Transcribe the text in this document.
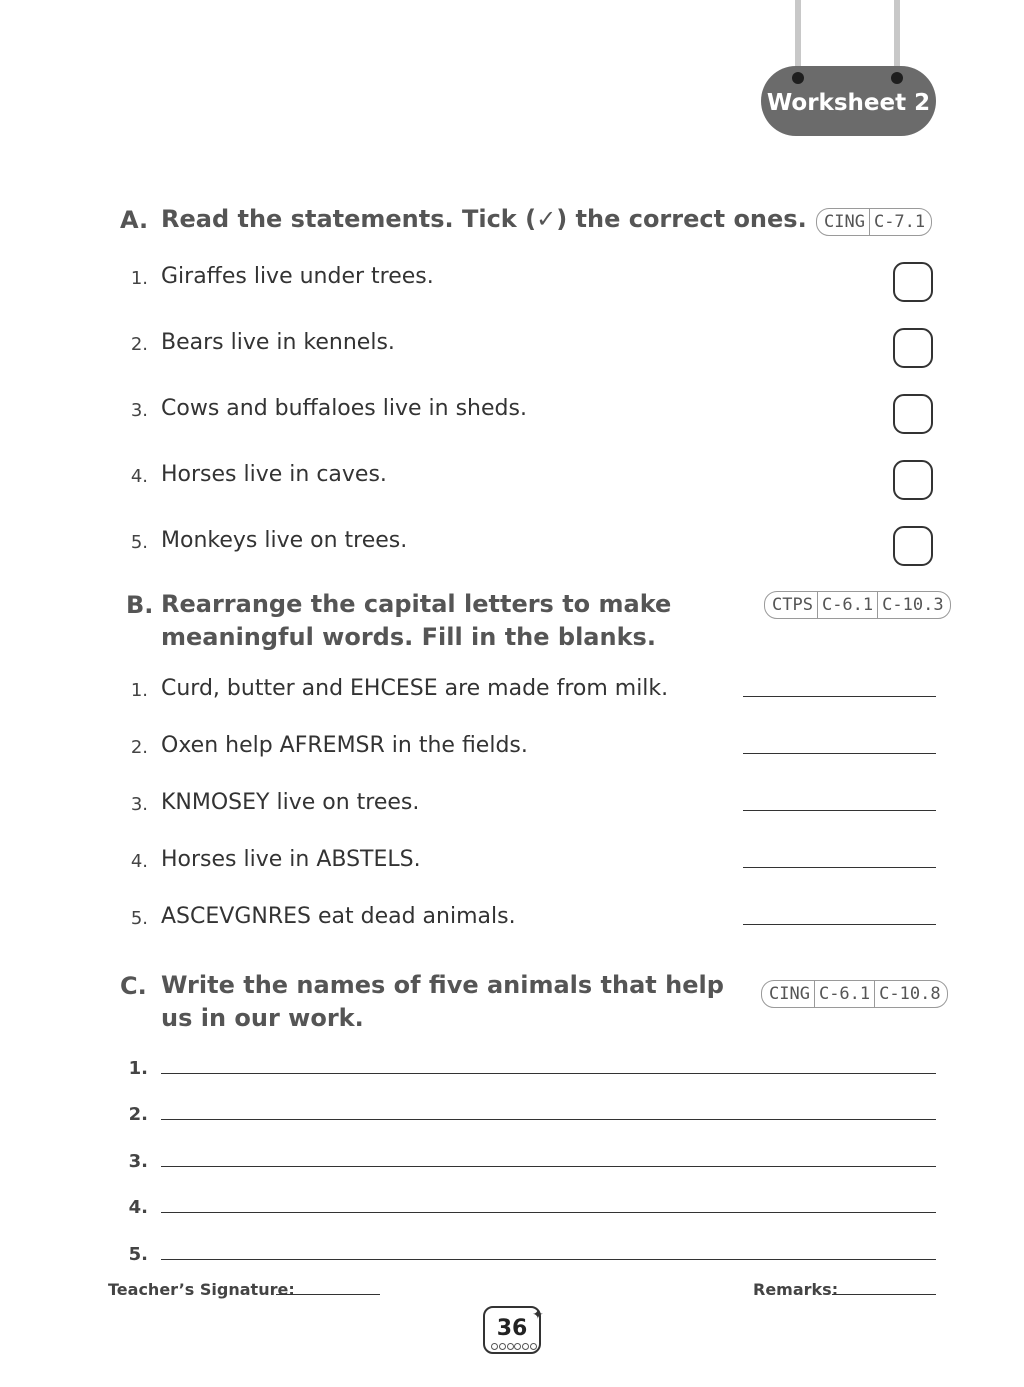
Worksheet 2
A. Read the statements. Tick (✓) the correct ones.	CING C-7.1
1. Giraffes live under trees.
2. Bears live in kennels.
3. Cows and buffaloes live in sheds.
4. Horses live in caves.
5. Monkeys live on trees.
B. Rearrange the capital letters to make
meaningful words. Fill in the blanks.
CTPS C-6.1 C-10.3
1. Curd, butter and EHCESE are made from milk.
2. Oxen help AFREMSR in the fields.
3. KNMOSEY live on trees.
4. Horses live in ABSTELS.
5. ASCEVGNRES eat dead animals.
C. Write the names of five animals that help
us in our work.
CING C-6.1 C-10.8
1.
2.
3.
4.
5.
Teacher’s Signature:	Remarks:
36
✦
